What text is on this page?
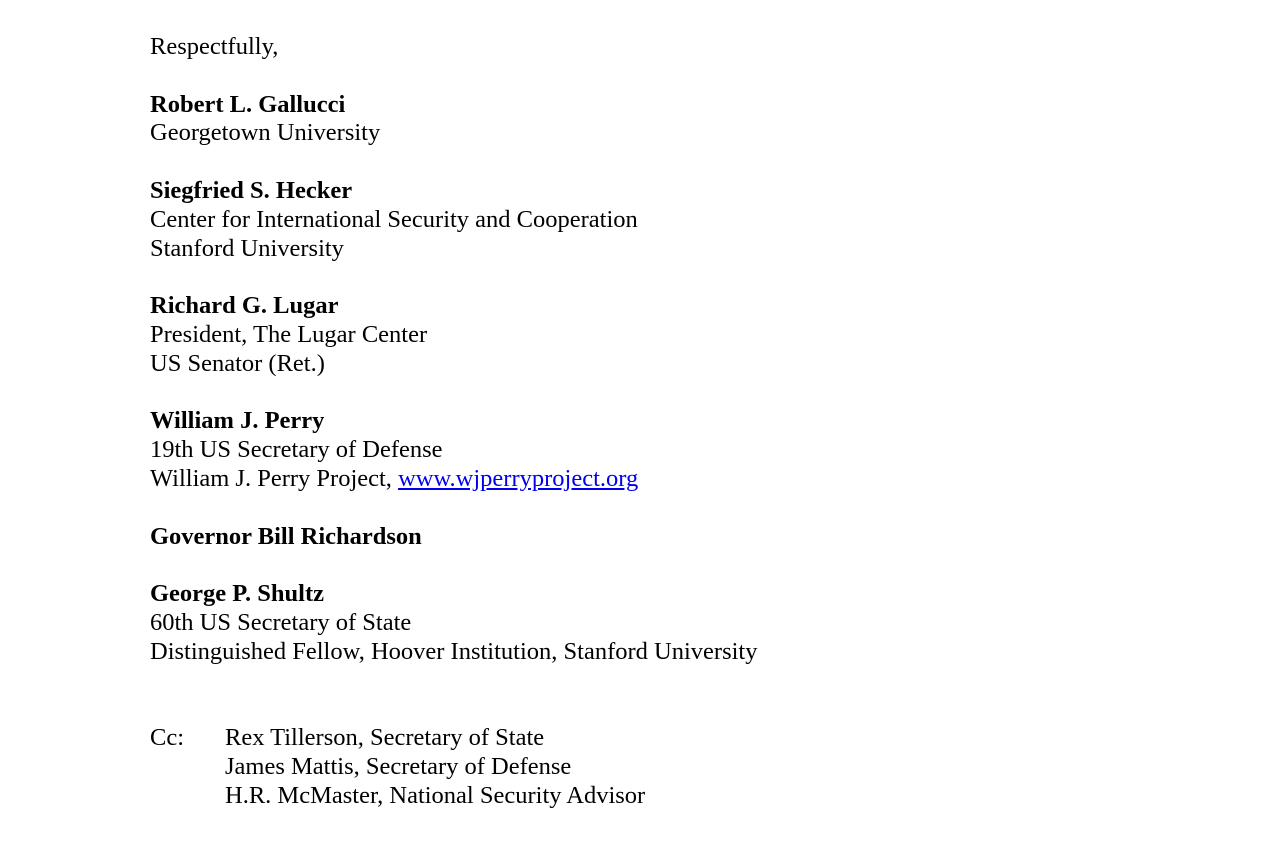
Respectfully,
Robert L. Gallucci
Georgetown University
Siegfried S. Hecker
Center for International Security and Cooperation
Stanford University
Richard G. Lugar
President, The Lugar Center
US Senator (Ret.)
William J. Perry
19th US Secretary of Defense
William J. Perry Project, www.wjperryproject.org
Governor Bill Richardson
George P. Shultz
60th US Secretary of State
Distinguished Fellow, Hoover Institution, Stanford University
Cc:	Rex Tillerson, Secretary of State
James Mattis, Secretary of Defense
H.R. McMaster, National Security Advisor
